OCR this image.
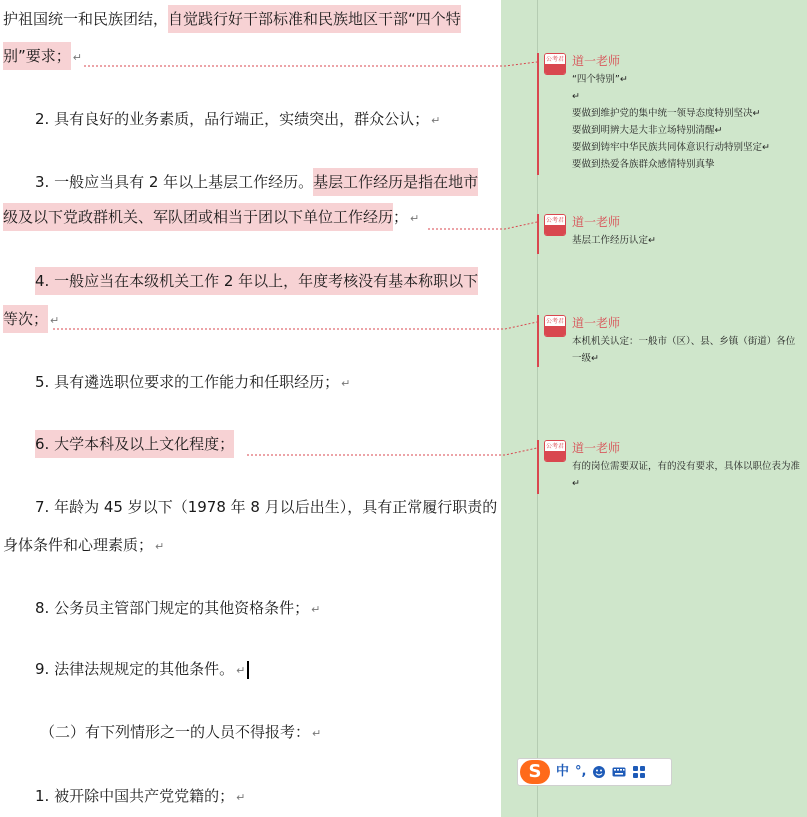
护祖国统一和民族团结，自觉践行好干部标准和民族地区干部“四个特
别”要求； ↵
2. 具有良好的业务素质，品行端正，实绩突出，群众公认； ↵
3. 一般应当具有 2 年以上基层工作经历。基层工作经历是指在地市
级及以下党政群机关、军队团或相当于团以下单位工作经历； ↵
4. 一般应当在本级机关工作 2 年以上，年度考核没有基本称职以下
等次； ↵
5. 具有遴选职位要求的工作能力和任职经历； ↵
6. 大学本科及以上文化程度；
7. 年龄为 45 岁以下（1978 年 8 月以后出生），具有正常履行职责的
身体条件和心理素质； ↵
8. 公务员主管部门规定的其他资格条件； ↵
9. 法律法规规定的其他条件。 ↵
（二）有下列情形之一的人员不得报考： ↵
1. 被开除中国共产党党籍的； ↵
公考君 道一老师
“四个特别”↵
↵
要做到维护党的集中统一领导态度特别坚决↵
要做到明辨大是大非立场特别清醒↵
要做到铸牢中华民族共同体意识行动特别坚定↵
要做到热爱各族群众感情特别真挚
公考君 道一老师
基层工作经历认定↵
公考君 道一老师
本机机关认定：一般市（区）、县、乡镇（街道）各位一级↵
公考君 道一老师
有的岗位需要双证，有的没有要求，具体以职位表为准↵
S	中 °,
